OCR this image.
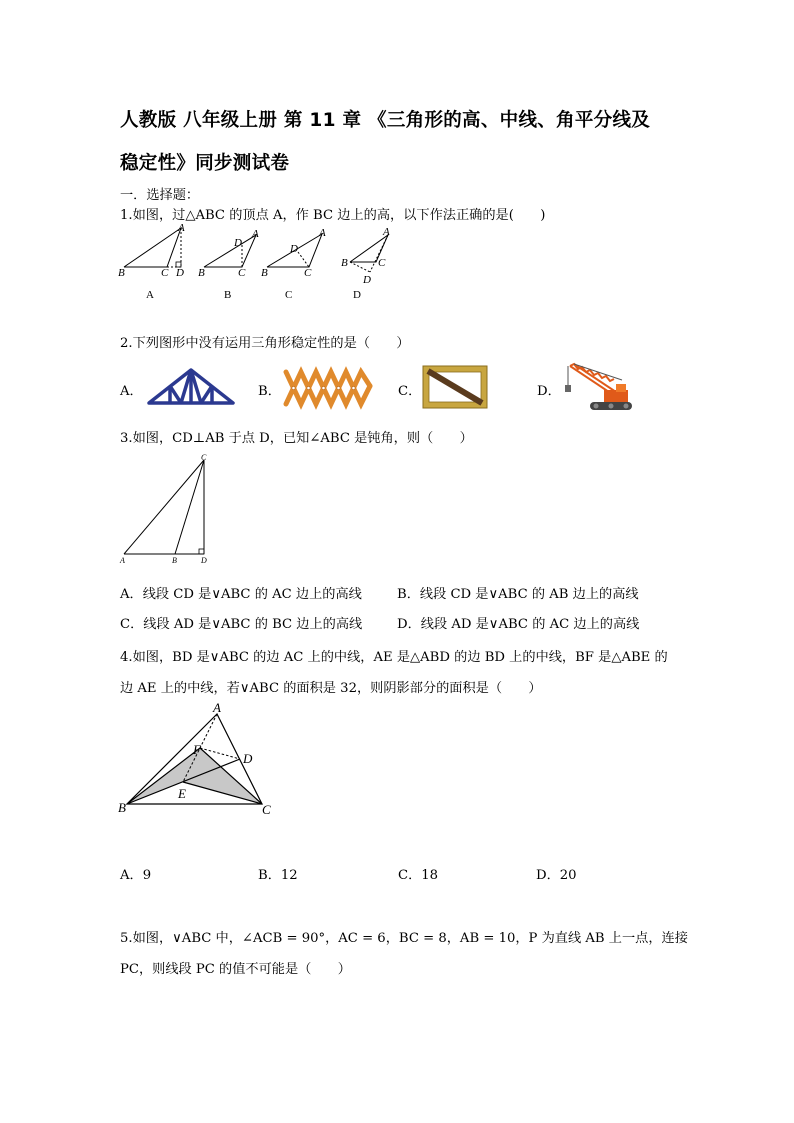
人教版 八年级上册 第 11 章 《三角形的高、中线、角平分线及
稳定性》同步测试卷
一．选择题：
1.如图，过△ABC 的顶点 A，作 BC 边上的高，以下作法正确的是(　　)
A
B	C D
A
D
B	C
A
D
B	C
A
B	C
D
A	B	C	D
2.下列图形中没有运用三角形稳定性的是（　　）
A．	B．	C．	D．
3.如图，CD⊥AB 于点 D，已知∠ABC 是钝角，则（　　）
C
A	B	D
A．线段 CD 是∨ABC 的 AC 边上的高线	B．线段 CD 是∨ABC 的 AB 边上的高线
C．线段 AD 是∨ABC 的 BC 边上的高线	D．线段 AD 是∨ABC 的 AC 边上的高线
4.如图，BD 是∨ABC 的边 AC 上的中线，AE 是△ABD 的边 BD 上的中线，BF 是△ABE 的
边 AE 上的中线，若∨ABC 的面积是 32，则阴影部分的面积是（　　）
A
B	C
D
E
F
A．9	B．12	C．18	D．20
5.如图，∨ABC 中，∠ACB = 90°，AC = 6，BC = 8，AB = 10，P 为直线 AB 上一点，连接
PC，则线段 PC 的值不可能是（　　）
